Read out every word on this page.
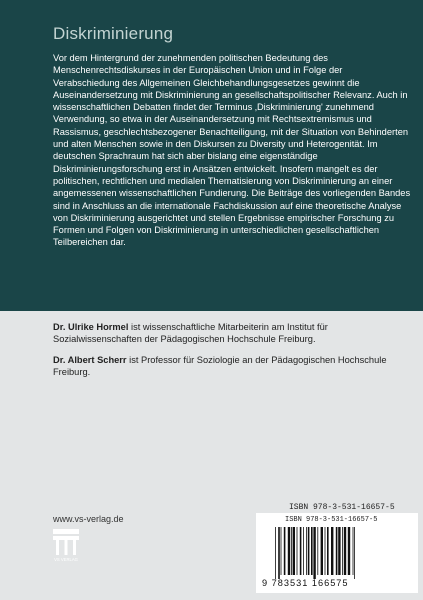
Diskriminierung

Vor dem Hintergrund der zunehmenden politischen Bedeutung des Menschenrechtsdiskurses in der Europäischen Union und in Folge der Verabschiedung des Allgemeinen Gleichbehandlungsgesetzes gewinnt die Auseinandersetzung mit Diskriminierung an gesellschaftspolitischer Relevanz. Auch in wissenschaftlichen Debatten findet der Terminus ‚Diskriminierung' zunehmend Verwendung, so etwa in der Auseinandersetzung mit Rechtsextremismus und Rassismus, geschlechtsbezogener Benachteiligung, mit der Situation von Behinderten und alten Menschen sowie in den Diskursen zu Diversity und Heterogenität. Im deutschen Sprachraum hat sich aber bislang eine eigenständige Diskriminierungsforschung erst in Ansätzen entwickelt. Insofern mangelt es der politischen, rechtlichen und medialen Thematisierung von Diskriminierung an einer angemessenen wissenschaftlichen Fundierung. Die Beiträge des vorliegenden Bandes sind in Anschluss an die internationale Fachdiskussion auf eine theoretische Analyse von Diskriminierung ausgerichtet und stellen Ergebnisse empirischer Forschung zu Formen und Folgen von Diskriminierung in unterschiedlichen gesellschaftlichen Teilbereichen dar.

Dr. Ulrike Hormel ist wissenschaftliche Mitarbeiterin am Institut für Sozialwissenschaften der Pädagogischen Hochschule Freiburg.

Dr. Albert Scherr ist Professor für Soziologie an der Pädagogischen Hochschule Freiburg.

www.vs-verlag.de
VS VERLAG
ISBN 978-3-531-16657-5
ISBN 978-3-531-16657-5
9 783531 166575
